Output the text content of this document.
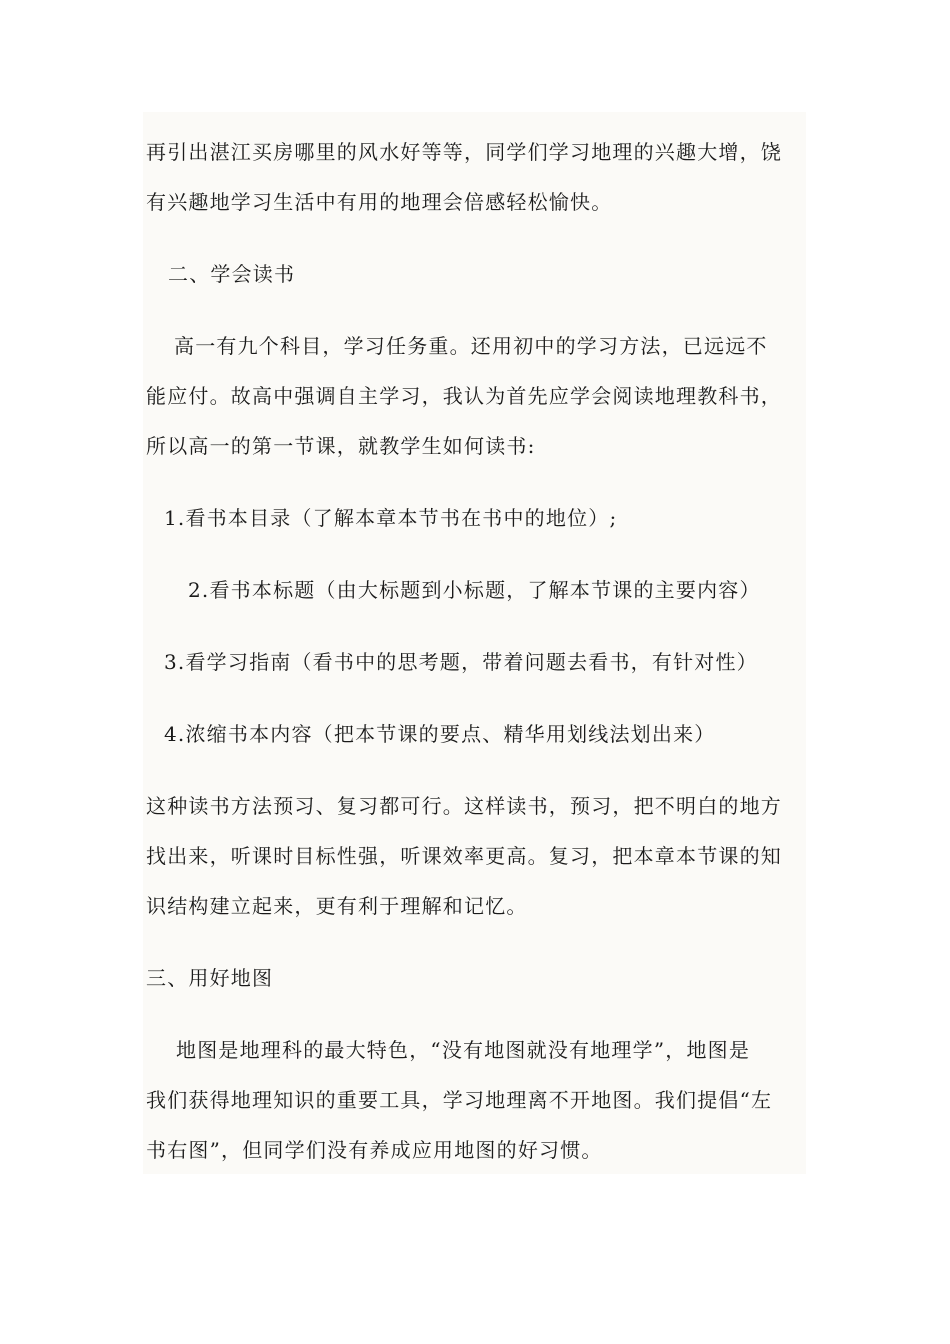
再引出湛江买房哪里的风水好等等，同学们学习地理的兴趣大增，饶
有兴趣地学习生活中有用的地理会倍感轻松愉快。
二、学会读书
高一有九个科目，学习任务重。还用初中的学习方法，已远远不
能应付。故高中强调自主学习，我认为首先应学会阅读地理教科书，
所以高一的第一节课，就教学生如何读书:
1.看书本目录（了解本章本节书在书中的地位）;
2.看书本标题（由大标题到小标题，了解本节课的主要内容）
3.看学习指南（看书中的思考题，带着问题去看书，有针对性）
4.浓缩书本内容（把本节课的要点、精华用划线法划出来）
这种读书方法预习、复习都可行。这样读书，预习，把不明白的地方
找出来，听课时目标性强，听课效率更高。复习，把本章本节课的知
识结构建立起来，更有利于理解和记忆。
三、用好地图
地图是地理科的最大特色，“没有地图就没有地理学”，地图是
我们获得地理知识的重要工具，学习地理离不开地图。我们提倡“左
书右图”，但同学们没有养成应用地图的好习惯。
